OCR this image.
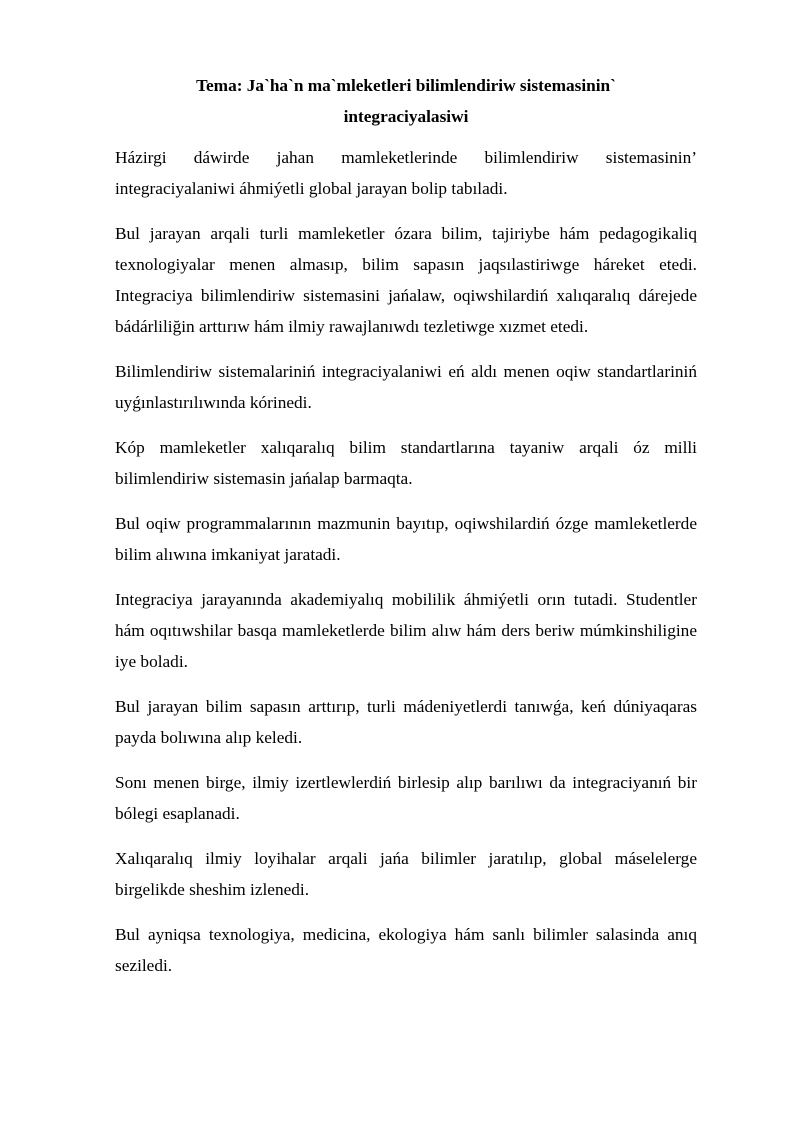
Tema: Ja`ha`n ma`mleketleri bilimlendiriw sistemasinin`
integraciyalasiwi

Házirgi dáwirde jahan mamleketlerinde bilimlendiriw sistemasinin’ integraciyalaniwi áhmiýetli global jarayan bolip tabıladi.

Bul jarayan arqali turli mamleketler ózara bilim, tajiriybe hám pedagogikaliq texnologiyalar menen almasıp, bilim sapasın jaqsılastiriwge háreket etedi. Integraciya bilimlendiriw sistemasini jańalaw, oqiwshilardiń xalıqaralıq dárejede bádárliliğin arttırıw hám ilmiy rawajlanıwdı tezletiwge xızmet etedi.

Bilimlendiriw sistemalariniń integraciyalaniwi eń aldı menen oqiw standartlariniń uyǵınlastırılıwında kórinedi.

Kóp mamleketler xalıqaralıq bilim standartlarına tayaniw arqali óz milli bilimlendiriw sistemasin jańalap barmaqta.

Bul oqiw programmalarının mazmunin bayıtıp, oqiwshilardiń ózge mamleketlerde bilim alıwına imkaniyat jaratadi.

Integraciya jarayanında akademiyalıq mobililik áhmiýetli orın tutadi. Studentler hám oqıtıwshilar basqa mamleketlerde bilim alıw hám ders beriw múmkinshiligine iye boladi.

Bul jarayan bilim sapasın arttırıp, turli mádeniyetlerdi tanıwǵa, keń dúniyaqaras payda bolıwına alıp keledi.

Sonı menen birge, ilmiy izertlewlerdiń birlesip alıp barılıwı da integraciyanıń bir bólegi esaplanadi.

Xalıqaralıq ilmiy loyihalar arqali jańa bilimler jaratılıp, global máselelerge birgelikde sheshim izlenedi.

Bul ayniqsa texnologiya, medicina, ekologiya hám sanlı bilimler salasinda anıq seziledi.
